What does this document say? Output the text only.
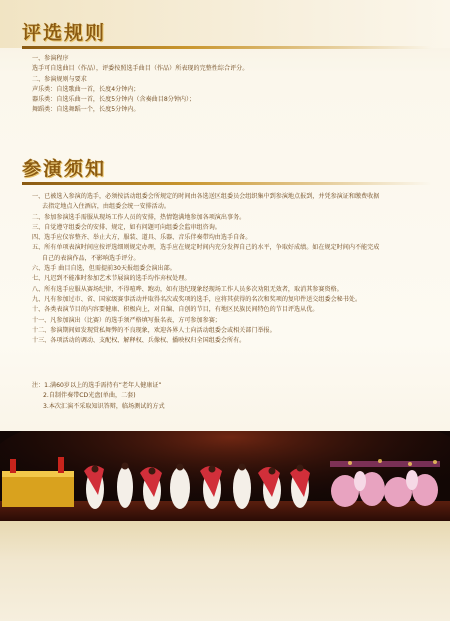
评选规则
一、参演程序
选手可自选曲目（作品），评委按照选手曲目（作品）所表现的完整性综合评分。
二、参演规则与要求
声乐类：自选歌曲一首，长度4分钟内；
器乐类：自选乐曲一首，长度5分钟内（含奏曲目8分钟内）；
舞蹈类：自选舞蹈一个，长度5分钟内。
参演须知
一、已被选入参演的选手，必须按活动组委会所规定的时间由各选送区组委员会组织集中到参演地点报到，并凭参演证和缴费收据
去指定地点入住酒店，由组委会统一安排活动。
二、参加参演选手需服从现场工作人员的安排，热情饱满地参加各项演出事务。
三、自觉遵守组委会的安排、规定，如有问题可向组委会监审组咨询。
四、选手应仪容整齐、举止大方，服装、道具、乐器、音乐伴奏带均由选手自备。
五、所有单项表演时间应按评选细则规定办理，选手应在规定时间内充分发挥自己的水平，争取好成绩。如在规定时间内不能完成
自己的表演作品，不影响选手评分。
六、选手 曲目自选，但需提前30天报组委会演出部。
七、凡迟到不能准时参加艺术节展演的选手均作弃权处理。
八、所有选手应服从赛场纪律，不得喧哗、跑动，如有违纪现象经现场工作人员多次劝阻无效者，取消其参赛资格。
九、凡有参加过市、省、国家级赛事活动并取得名次或奖项的选手，应将其获得的名次和奖项的复印件送交组委会秘书处。
十、各类表演节目的内容要健康、积极向上，对自编、自创的节目，有地区民族民间特色的节目评选从优。
十一、凡参加演出（比赛）的选手须严格填写报名表，方可参加参赛；
十二、参演期间如发现赏私舞弊的不良现象，欢迎各界人士向活动组委会或相关部门举报。
十三、各项活动的调动、支配权、解释权、兵像权、播映权归全国组委会所有。
注：1.满60岁以上的选手需持有“老年人健康证”
2.自制伴奏带CD光盘(单曲，二套)
3.本次汇演不采取知识答辩，临场测试的方式
